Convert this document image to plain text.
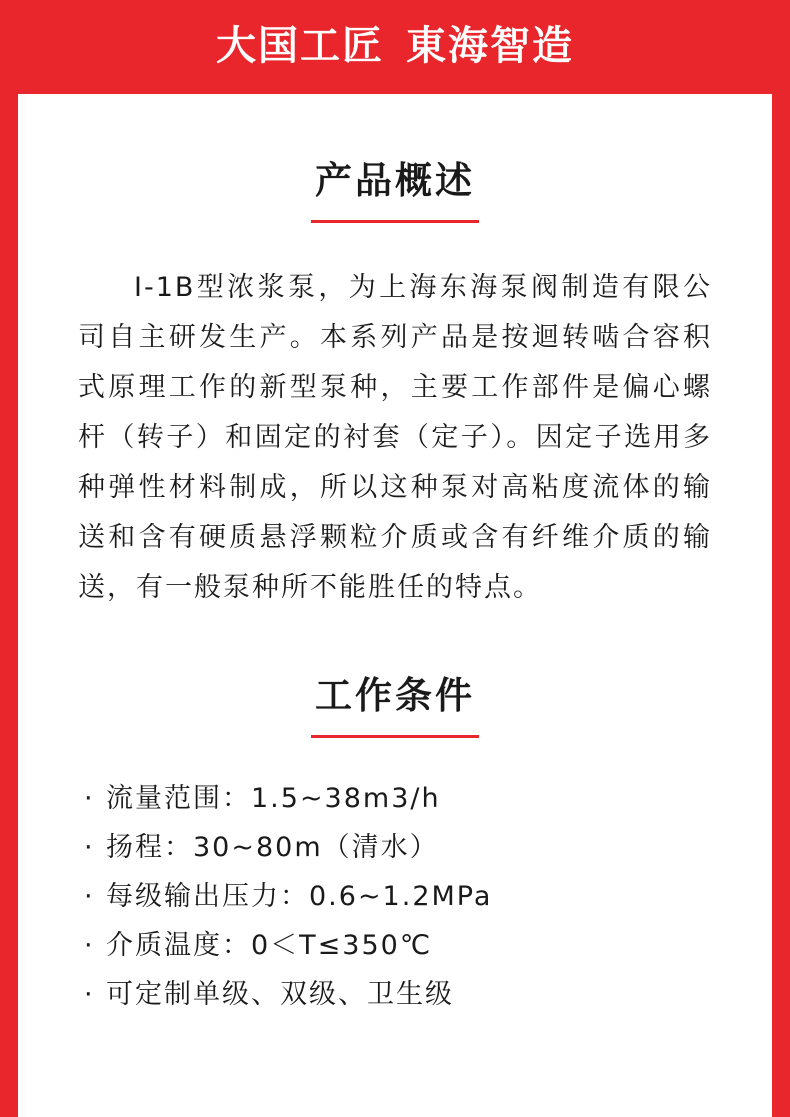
大国工匠 東海智造
产品概述

I-1B型浓浆泵，为上海东海泵阀制造有限公司自主研发生产。本系列产品是按迴转啮合容积式原理工作的新型泵种，主要工作部件是偏心螺杆（转子）和固定的衬套（定子）。因定子选用多种弹性材料制成，所以这种泵对高粘度流体的输送和含有硬质悬浮颗粒介质或含有纤维介质的输送，有一般泵种所不能胜任的特点。

工作条件
· 流量范围：1.5~38m3/h
· 扬程：30~80m（清水）
· 每级输出压力：0.6~1.2MPa
· 介质温度：0＜T≤350℃
· 可定制单级、双级、卫生级
